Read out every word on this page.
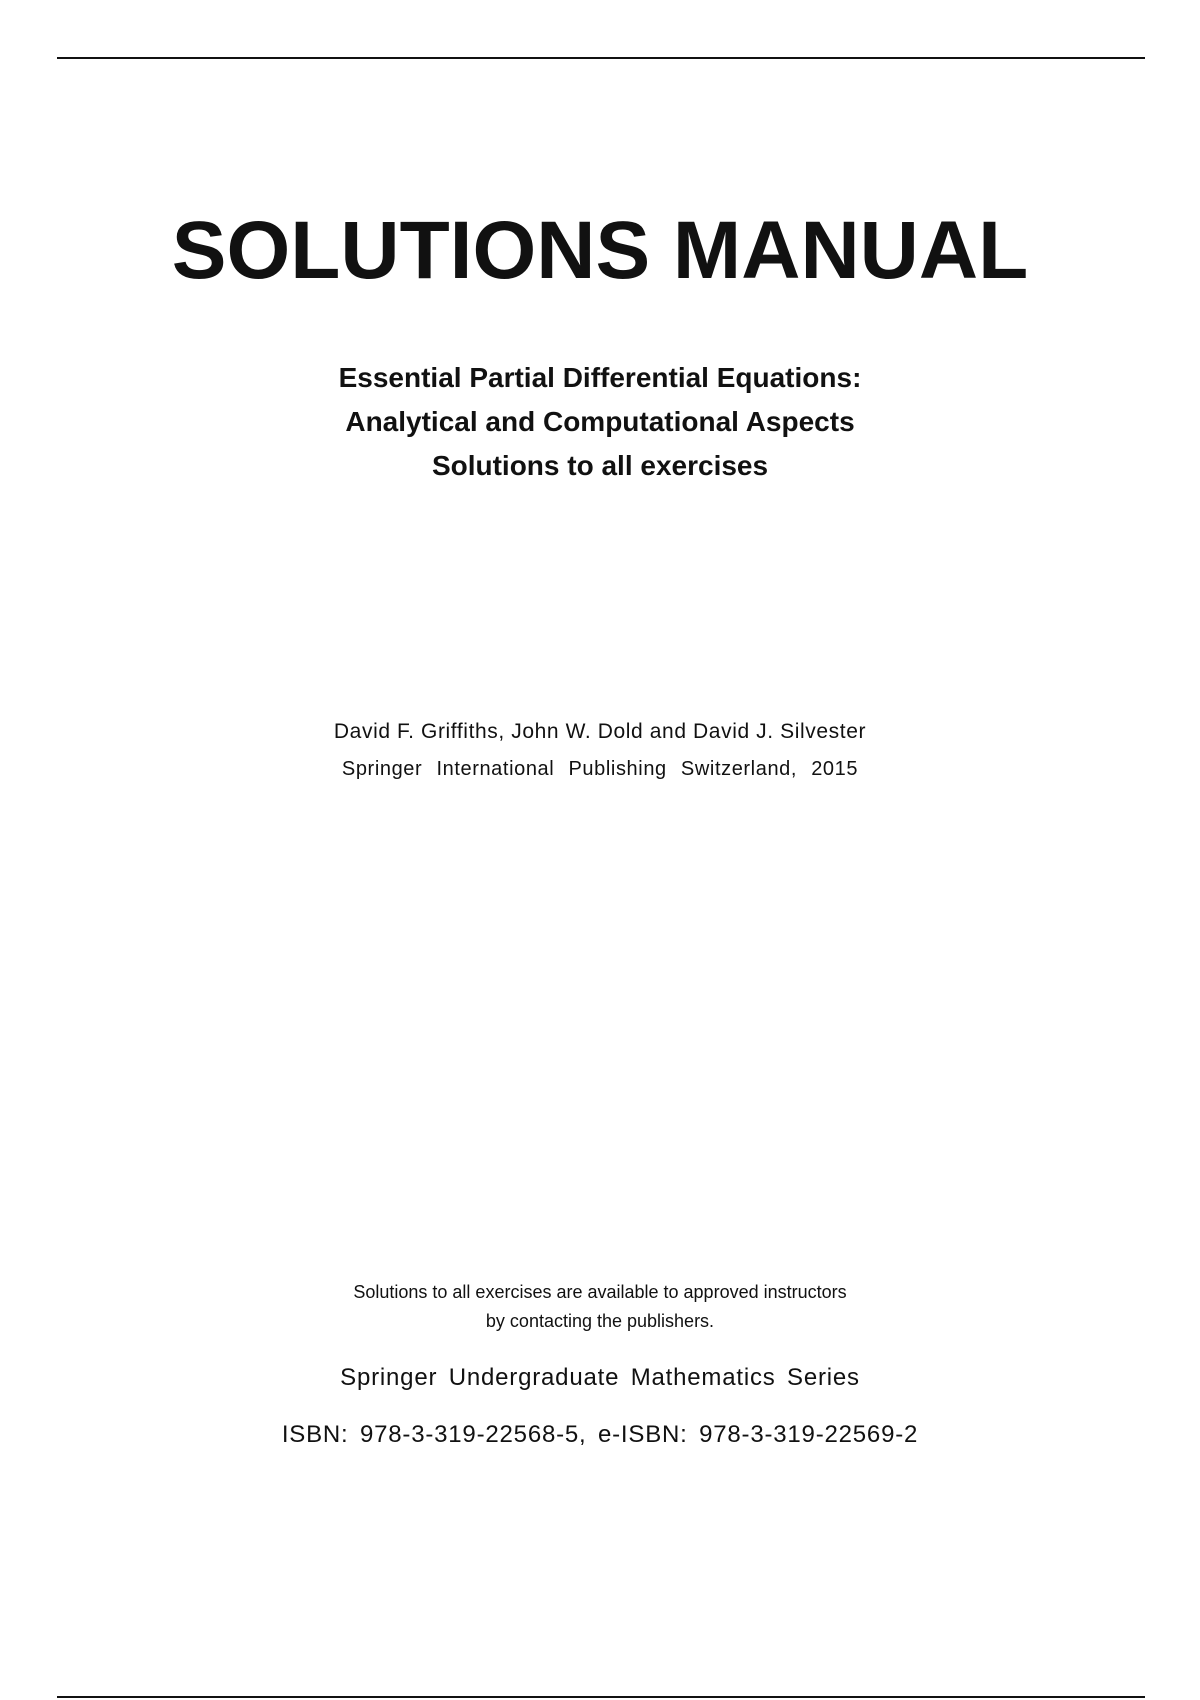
SOLUTIONS MANUAL
Essential Partial Differential Equations:
Analytical and Computational Aspects
Solutions to all exercises
David F. Griffiths, John W. Dold and David J. Silvester
Springer International Publishing Switzerland, 2015
Solutions to all exercises are available to approved instructors
by contacting the publishers.
Springer Undergraduate Mathematics Series
ISBN: 978-3-319-22568-5, e-ISBN: 978-3-319-22569-2
